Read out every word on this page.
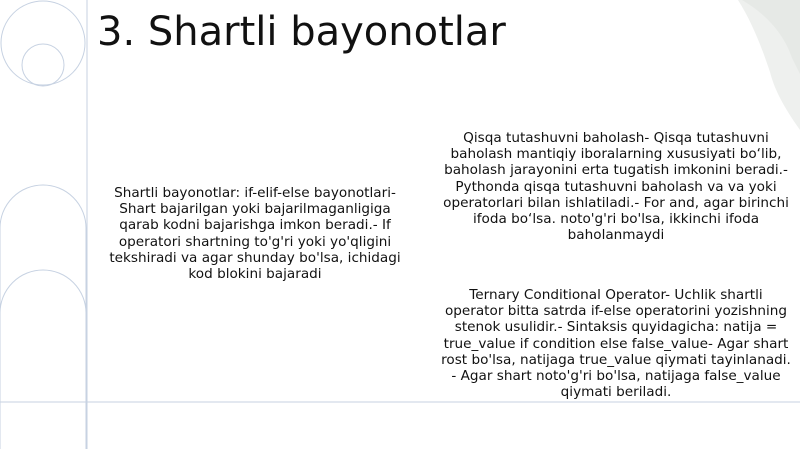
3. Shartli bayonotlar

Shartli bayonotlar: if-elif-else bayonotlari- Shart bajarilgan yoki bajarilmaganligiga qarab kodni bajarishga imkon beradi.- If operatori shartning to'g'ri yoki yo'qligini tekshiradi va agar shunday bo'lsa, ichidagi kod blokini bajaradi

Qisqa tutashuvni baholash- Qisqa tutashuvni baholash mantiqiy iboralarning xususiyati bo‘lib, baholash jarayonini erta tugatish imkonini beradi.- Pythonda qisqa tutashuvni baholash va va yoki operatorlari bilan ishlatiladi.- For and, agar birinchi ifoda bo‘lsa. noto'g'ri bo'lsa, ikkinchi ifoda baholanmaydi

Ternary Conditional Operator- Uchlik shartli operator bitta satrda if-else operatorini yozishning stenok usulidir.- Sintaksis quyidagicha: natija = true_value if condition else false_value- Agar shart rost bo'lsa, natijaga true_value qiymati tayinlanadi. - Agar shart noto'g'ri bo'lsa, natijaga false_value qiymati beriladi.
